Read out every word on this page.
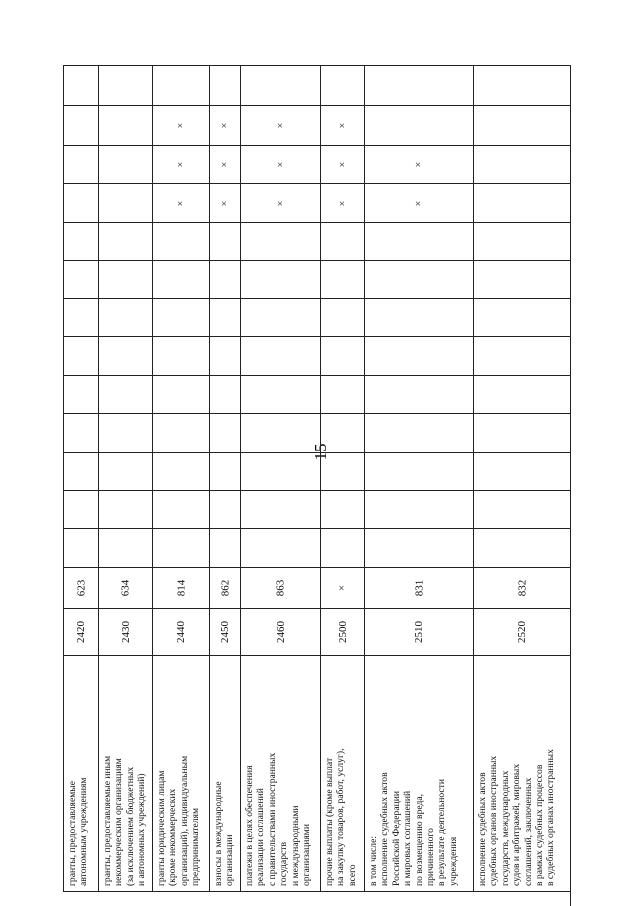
гранты, предоставляемые
автономным учреждениям
2420
623
гранты, предоставляемые иным
некоммерческим организациям
(за исключением бюджетных
и автономных учреждений)
2430
634
гранты юридическим лицам
(кроме некоммерческих
организаций), индивидуальным
предпринимателям
2440
814
×
×
×
взносы в международные
организации
2450
862
×
×
×
платежи в целях обеспечения
реализации соглашений
с правительствами иностранных
государств
и международными
организациями
2460
863
×
×
×
прочие выплаты (кроме выплат
на закупку товаров, работ, услуг),
всего
2500
×
×
×
×
в том числе:
исполнение судебных актов
Российской Федерации
и мировых соглашений
по возмещению вреда,
причиненного
в результате деятельности
учреждения
2510
831
×
×
исполнение судебных актов
судебных органов иностранных
государств, международных
судов и арбитражей, мировых
соглашений, заключенных
в рамках судебных процессов
в судебных органах иностранных
2520
832
